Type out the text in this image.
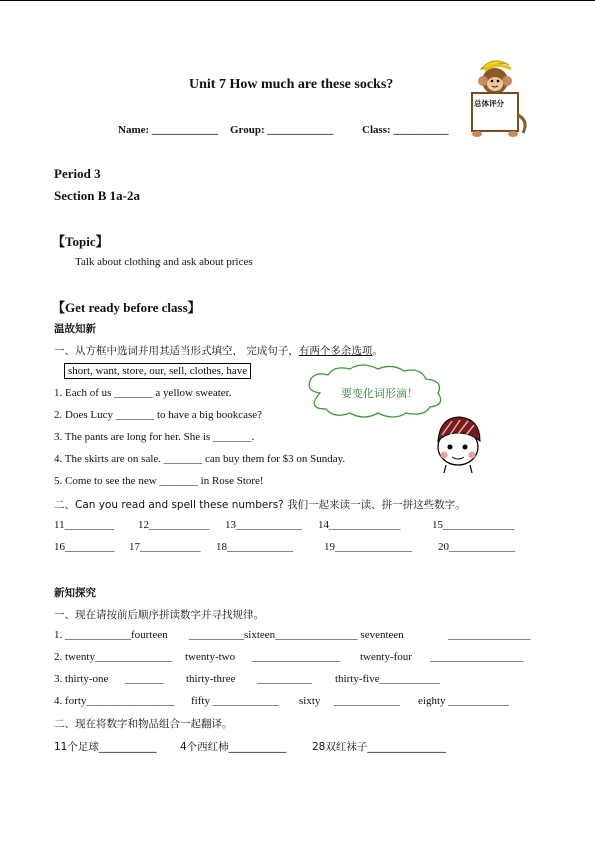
Unit 7 How much are these socks?
总体评分
Name: ____________ Group: ____________	Class: __________
Period 3
Section B 1a-2a
【Topic】
Talk about clothing and ask about prices
【Get ready before class】
温故知新
一、从方框中选词并用其适当形式填空， 完成句子，有两个多余选项。
short, want, store, our, sell, clothes, have
要变化词形滴！
1. Each of us _______ a yellow sweater.
2. Does Lucy _______ to have a big bookcase?
3. The pants are long for her. She is _______.
4. The skirts are on sale. _______ can buy them for $3 on Sunday.
5. Come to see the new _______ in Rose Store!
二、Can you read and spell these numbers? 我们一起来读一读、拼一拼这些数字。
11_________ 12___________ 13____________ 14_____________	15_____________
16_________ 17___________ 18____________	19______________ 20____________
新知探究
一、现在请按前后顺序拼读数字并寻找规律。
1. ____________fourteen __________sixteen_______________ seventeen	_______________
2. twenty______________ twenty-two ________________ twenty-four _________________
3. thirty-one _______ thirty-three __________ thirty-five___________
4. forty________________ fifty ____________ sixty ____________ eighty ___________
二、现在将数字和物品组合一起翻译。
11个足球___________ 4个西红柿___________ 28双红袜子_______________
